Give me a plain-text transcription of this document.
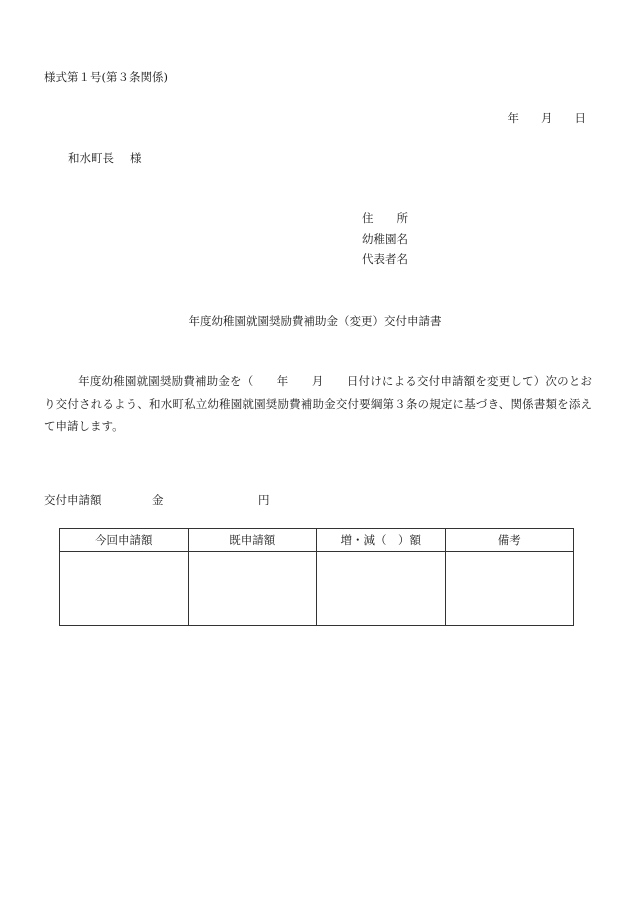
様式第１号(第３条関係)
年 月 日
和水町長 様
住　　所
幼稚園名
代表者名
年度幼稚園就園奨励費補助金（変更）交付申請書
年度幼稚園就園奨励費補助金を（　　年　　月　　日付けによる交付申請額を変更して）次のとおり交付されるよう、和水町私立幼稚園就園奨励費補助金交付要綱第３条の規定に基づき、関係書類を添えて申請します。
交付申請額	金	円
今回申請額	既申請額	増・減（　）額	備考
